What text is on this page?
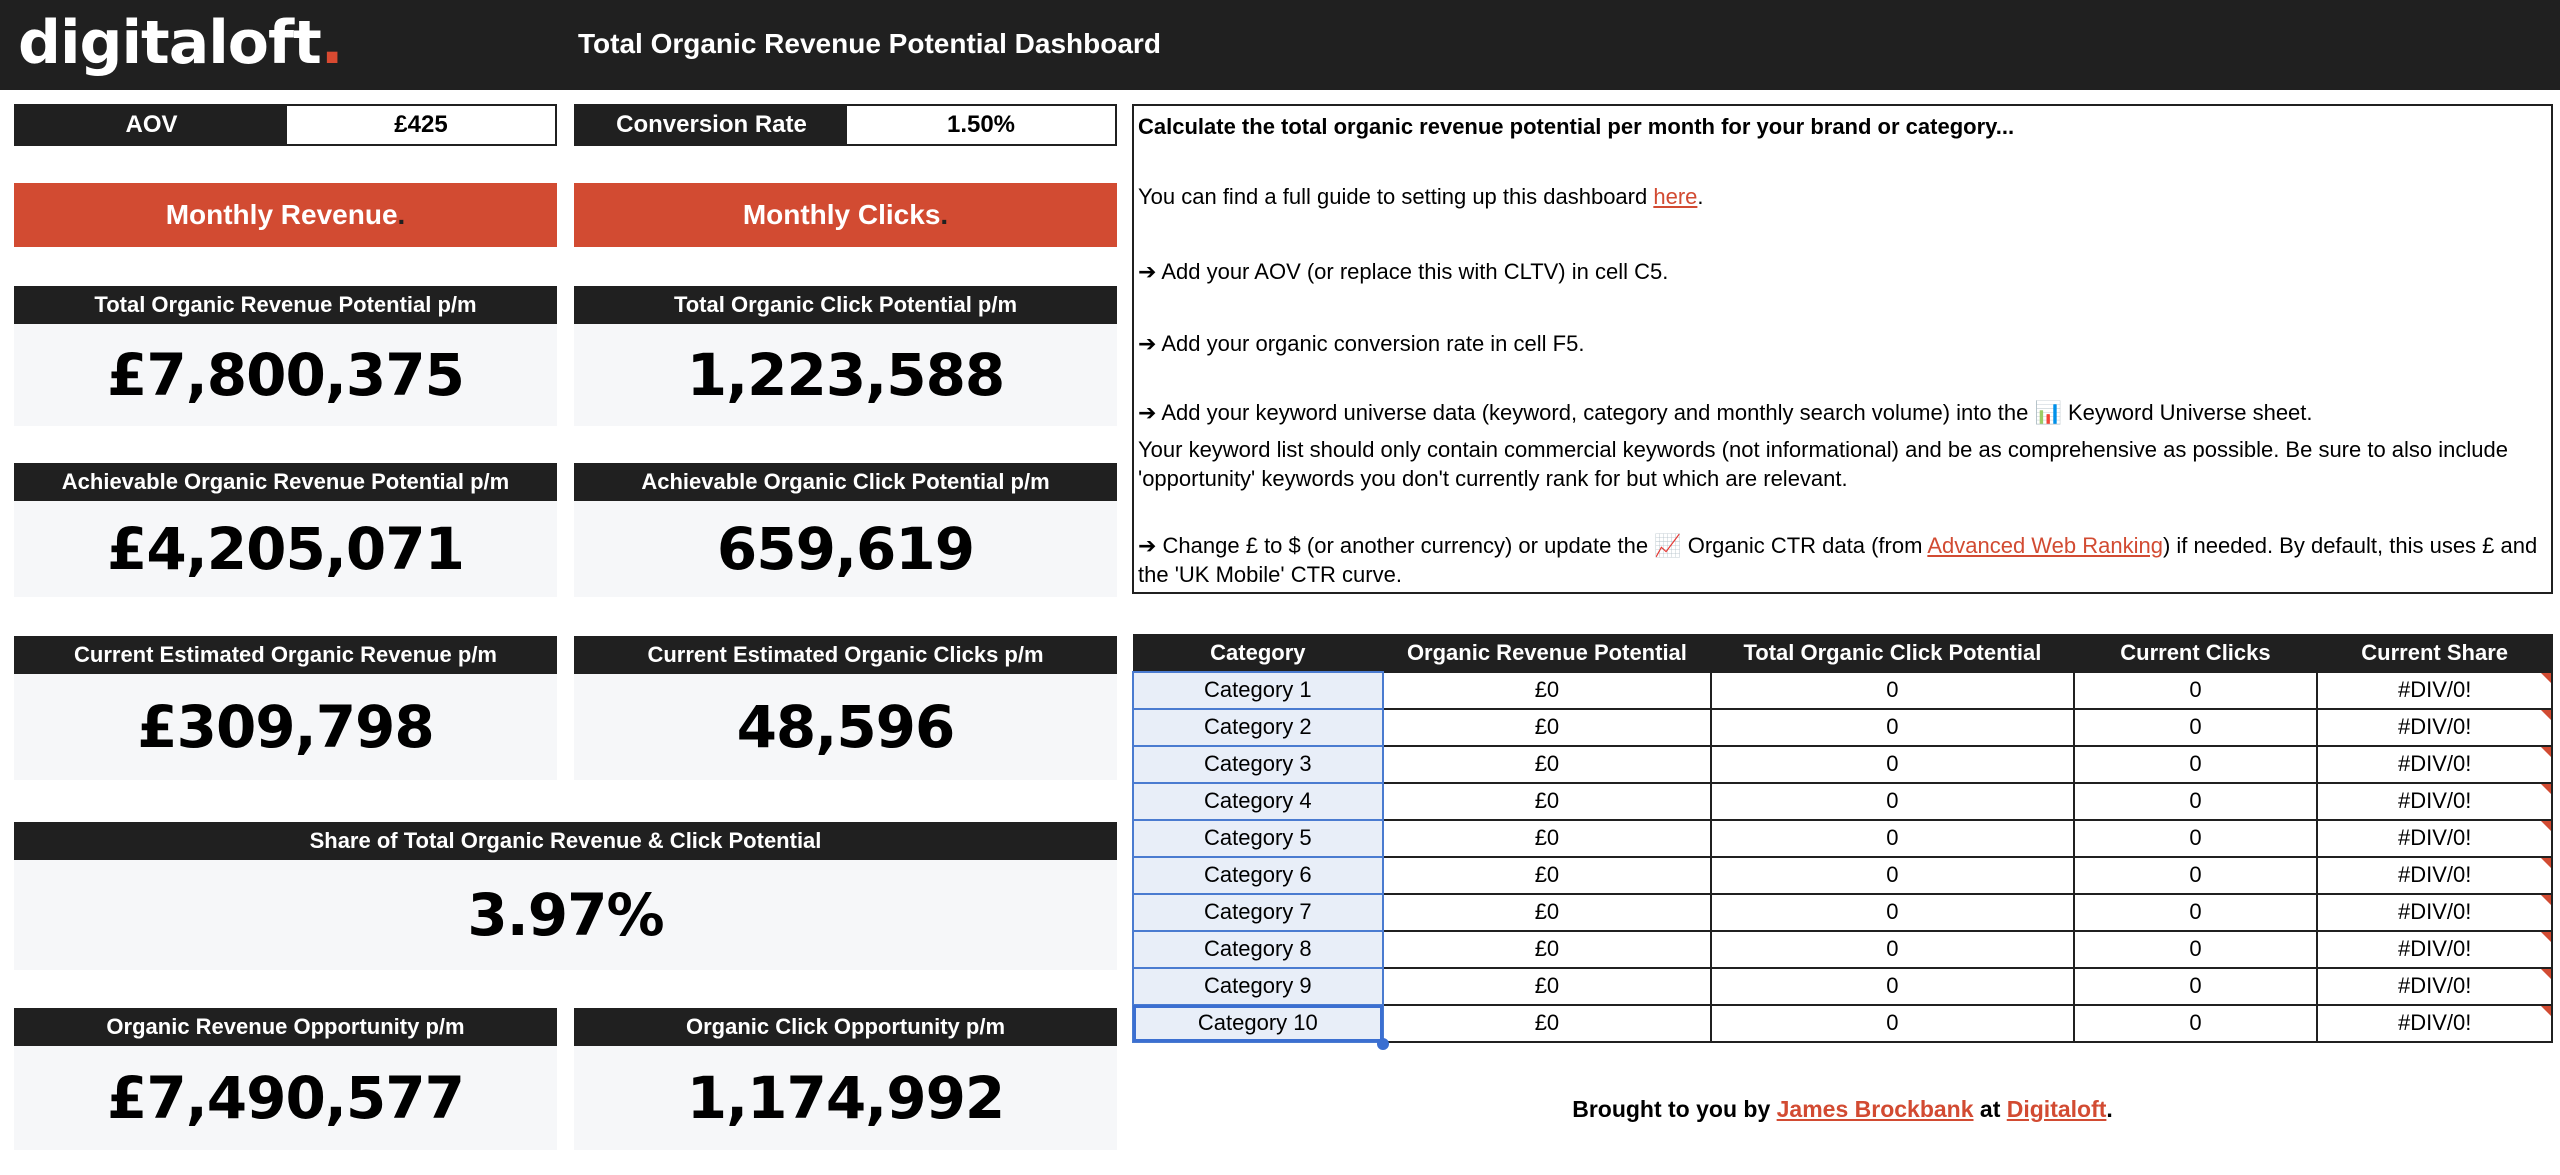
digitaloft.	Total Organic Revenue Potential Dashboard
AOV	£425	Conversion Rate	1.50%
Monthly Revenue .	Monthly Clicks .
Total Organic Revenue Potential p/m
£7,800,375
Total Organic Click Potential p/m
1,223,588
Achievable Organic Revenue Potential p/m
£4,205,071
Achievable Organic Click Potential p/m
659,619
Current Estimated Organic Revenue p/m
£309,798
Current Estimated Organic Clicks p/m
48,596
Share of Total Organic Revenue & Click Potential
3.97%
Organic Revenue Opportunity p/m
£7,490,577
Organic Click Opportunity p/m
1,174,992

Calculate the total organic revenue potential per month for your brand or category...

You can find a full guide to setting up this dashboard here.

➔ Add your AOV (or replace this with CLTV) in cell C5.

➔ Add your organic conversion rate in cell F5.

➔ Add your keyword universe data (keyword, category and monthly search volume) into the 📊 Keyword Universe sheet.

Your keyword list should only contain commercial keywords (not informational) and be as comprehensive as possible. Be sure to also include 'opportunity' keywords you don't currently rank for but which are relevant.

➔ Change £ to $ (or another currency) or update the 📈 Organic CTR data (from Advanced Web Ranking) if needed. By default, this uses £ and the 'UK Mobile' CTR curve.

Category	Organic Revenue Potential	Total Organic Click Potential	Current Clicks	Current Share
Category 1	£0	0	0	#DIV/0!
Category 2	£0	0	0	#DIV/0!
Category 3	£0	0	0	#DIV/0!
Category 4	£0	0	0	#DIV/0!
Category 5	£0	0	0	#DIV/0!
Category 6	£0	0	0	#DIV/0!
Category 7	£0	0	0	#DIV/0!
Category 8	£0	0	0	#DIV/0!
Category 9	£0	0	0	#DIV/0!
Category 10	£0	0	0	#DIV/0!
Brought to you by James Brockbank at Digitaloft.
